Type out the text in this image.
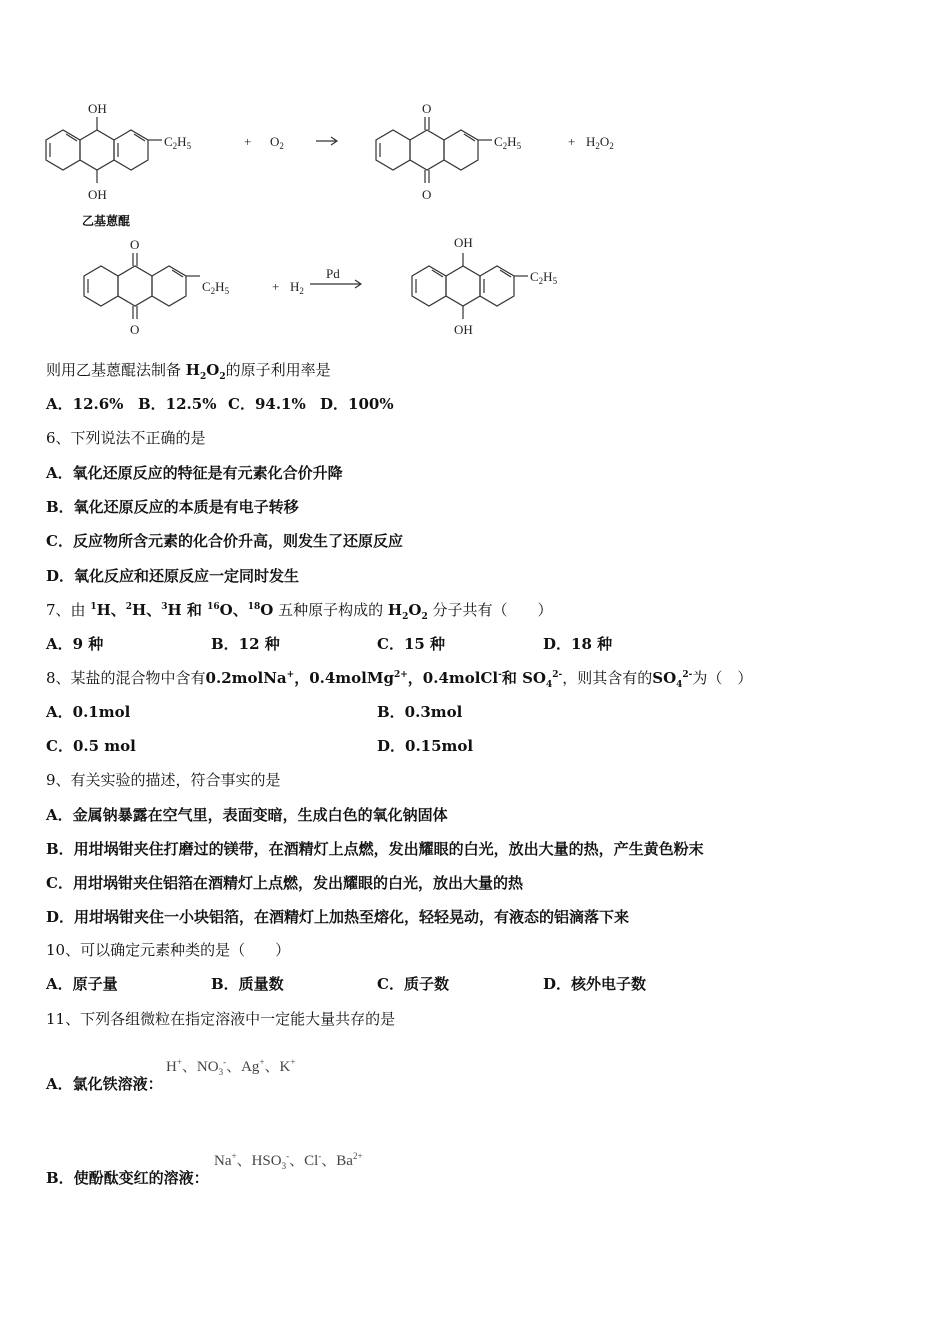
OH
OH
$C_2H_5$	+ $O_2$
O
O
$C_2H_5$	+ $H_2O_2$
乙基蒽醌
O
O
$C_2H_5$	+ $H_2$
Pd
OH
OH
$C_2H_5$
则用乙基蒽醌法制备 $H_2O_2$的原子利用率是
A．12.6% B．12.5% C．94.1% D．100%
6、下列说法不正确的是
A．氧化还原反应的特征是有元素化合价升降
B．氧化还原反应的本质是有电子转移
C．反应物所含元素的化合价升高，则发生了还原反应
D．氧化反应和还原反应一定同时发生
7、由 $^1$H、$^2$H、$^3$H 和 $^{16}$O、$^{18}$O 五种原子构成的 $H_2O_2$ 分子共有（　　）
A．9 种	B．12 种	C．15 种	D．18 种
8、某盐的混合物中含有0.2molNa+，0.4molMg$^{2+}$，0.4molCl-和 $SO_4^{2-}$，则其含有的$SO_4^{2-}$为（　）
A．0.1mol	B．0.3mol
C．0.5 mol	D．0.15mol
9、有关实验的描述，符合事实的是
A．金属钠暴露在空气里，表面变暗，生成白色的氧化钠固体
B．用坩埚钳夹住打磨过的镁带，在酒精灯上点燃，发出耀眼的白光，放出大量的热，产生黄色粉末
C．用坩埚钳夹住铝箔在酒精灯上点燃，发出耀眼的白光，放出大量的热
D．用坩埚钳夹住一小块铝箔，在酒精灯上加热至熔化，轻轻晃动，有液态的铝滴落下来
10、可以确定元素种类的是（　　）
A．原子量	B．质量数	C．质子数	D．核外电子数
11、下列各组微粒在指定溶液中一定能大量共存的是
H+、$NO_3^-$、Ag+、K+
A．氯化铁溶液：
Na+、$HSO_3^-$、Cl-、$Ba^{2+}$
B．使酚酞变红的溶液：
